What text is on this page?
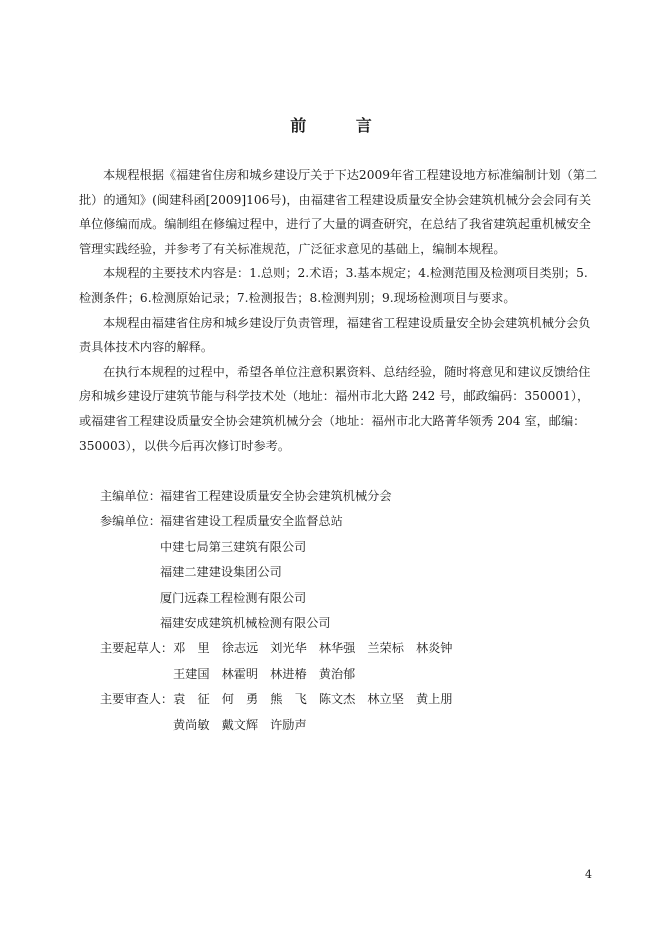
前 言

本规程根据《福建省住房和城乡建设厅关于下达2009年省工程建设地方标准编制计划（第二批）的通知》(闽建科函[2009]106号)，由福建省工程建设质量安全协会建筑机械分会会同有关单位修编而成。编制组在修编过程中，进行了大量的调查研究，在总结了我省建筑起重机械安全管理实践经验，并参考了有关标准规范，广泛征求意见的基础上，编制本规程。

本规程的主要技术内容是：1.总则；2.术语；3.基本规定；4.检测范围及检测项目类别；5.检测条件；6.检测原始记录；7.检测报告；8.检测判别；9.现场检测项目与要求。

本规程由福建省住房和城乡建设厅负责管理，福建省工程建设质量安全协会建筑机械分会负责具体技术内容的解释。

在执行本规程的过程中，希望各单位注意积累资料、总结经验，随时将意见和建议反馈给住房和城乡建设厅建筑节能与科学技术处（地址：福州市北大路 242 号，邮政编码：350001），或福建省工程建设质量安全协会建筑机械分会（地址：福州市北大路菁华领秀 204 室，邮编：350003），以供今后再次修订时参考。

主编单位：福建省工程建设质量安全协会建筑机械分会
参编单位：福建省建设工程质量安全监督总站
中建七局第三建筑有限公司
福建二建建设集团公司
厦门远森工程检测有限公司
福建安成建筑机械检测有限公司
主要起草人：邓　里 徐志远 刘光华 林华强 兰荣标 林炎钟
王建国 林霍明 林进椿 黄治郁
主要审查人：袁　征 何　勇 熊　飞 陈文杰 林立坚 黄上朋
黄尚敏 戴文辉 许励声
4
